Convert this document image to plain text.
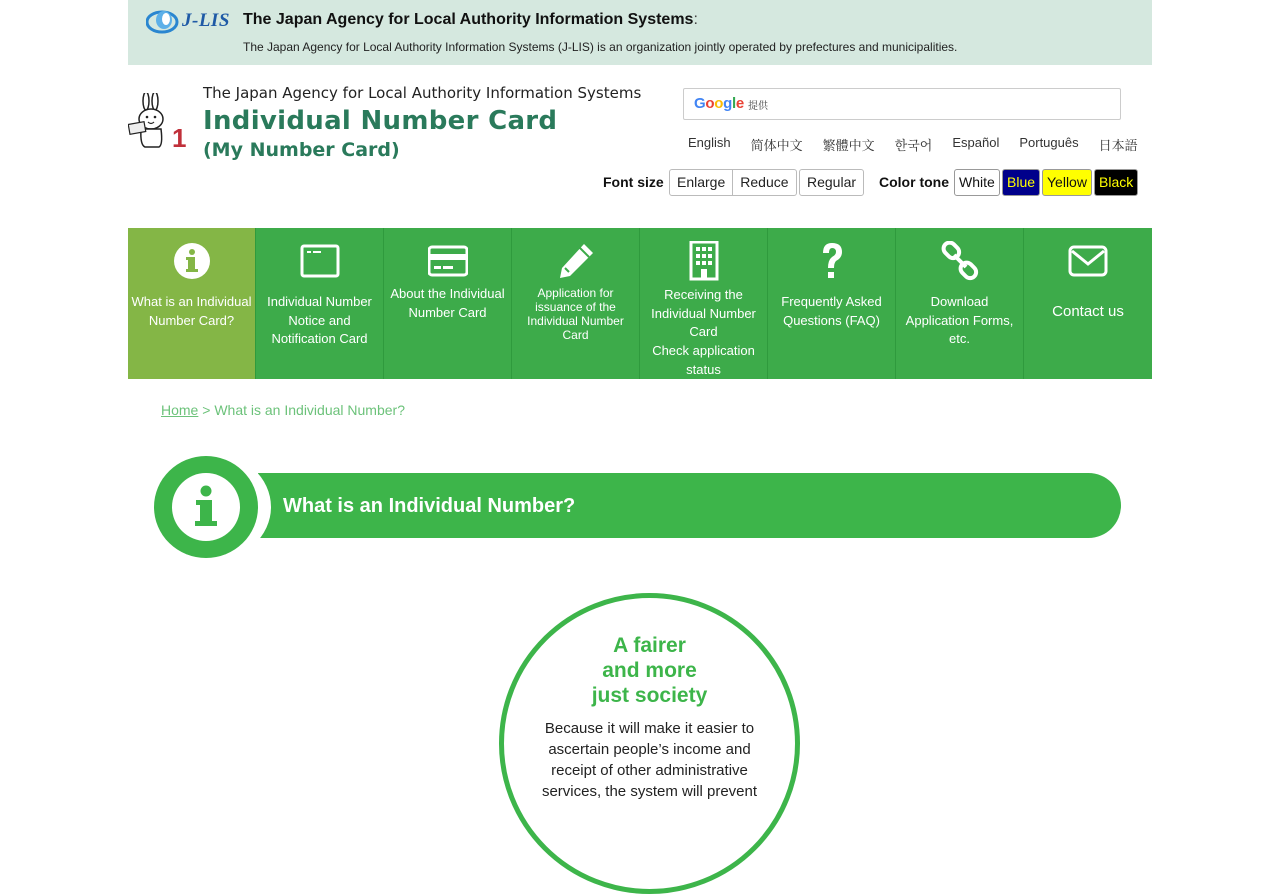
J-LIS The Japan Agency for Local Authority Information Systems:
The Japan Agency for Local Authority Information Systems (J-LIS) is an organization jointly operated by prefectures and municipalities.
1
The Japan Agency for Local Authority Information Systems
Individual Number Card
(My Number Card)
Google 提供
English 简体中文 繁體中文 한국어 Español Português 日本語
Font size Enlarge	Reduce	Regular	Color tone White Blue Yellow Black
What is an Individual Number Card?
Individual Number Notice and Notification Card
About the Individual Number Card
Application for issuance of the Individual Number Card
Receiving the Individual Number Card
Check application status
Frequently Asked Questions (FAQ)
Download Application Forms, etc.
Contact us
Home > What is an Individual Number?
What is an Individual Number?
A fairer
and more
just society
Because it will make it easier to ascertain people’s income and receipt of other administrative services, the system will prevent
